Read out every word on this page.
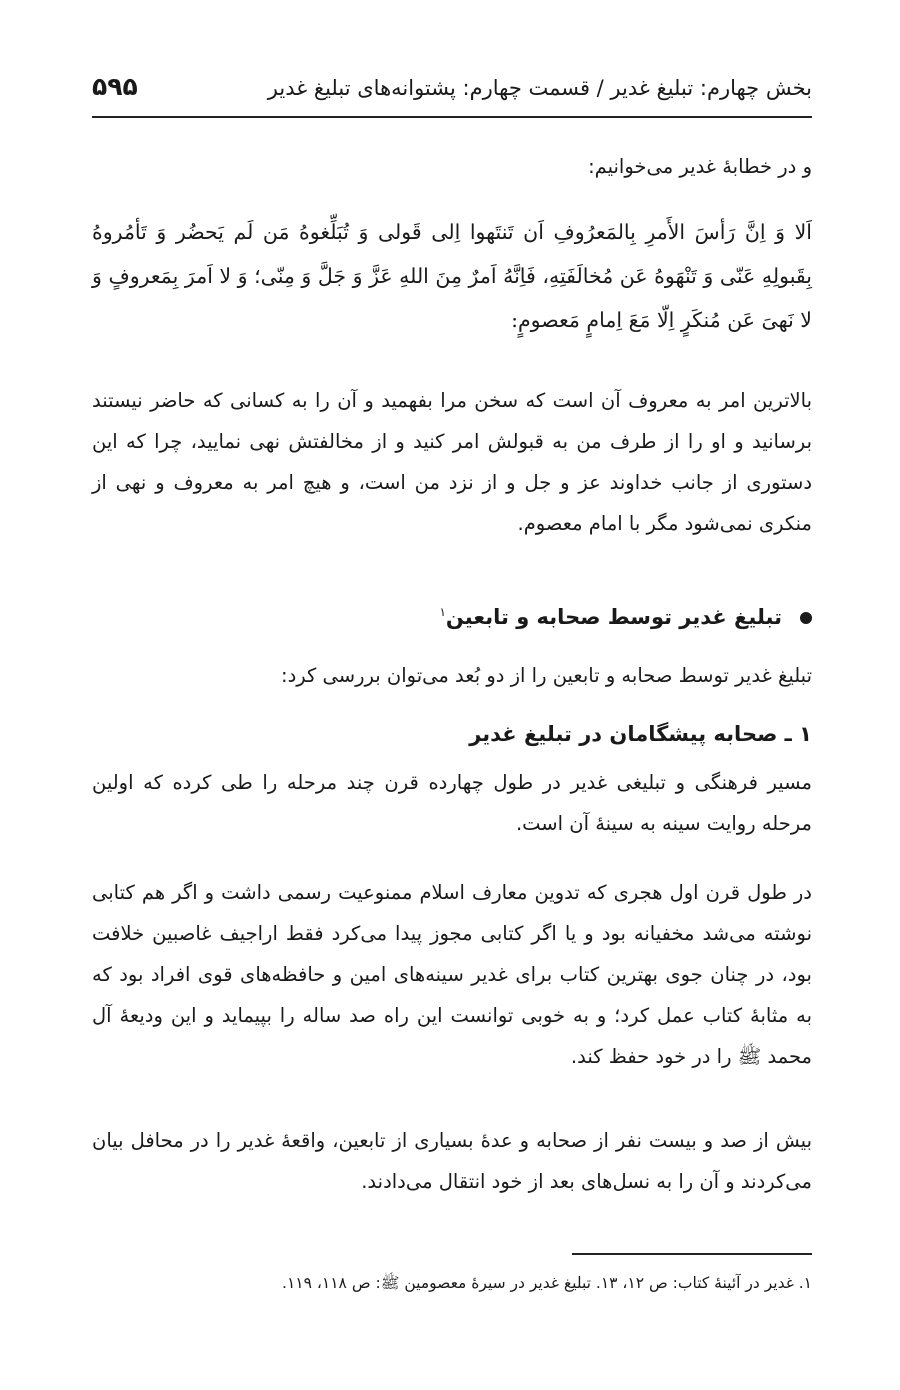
بخش چهارم: تبلیغ غدیر / قسمت چهارم: پشتوانه‌های تبلیغ غدیر
۵۹۵

و در خطابهٔ غدیر می‌خوانیم:

اَلا وَ اِنَّ رَأسَ الأَمرِ بِالمَعرُوفِ اَن تَنتَهوا اِلی قَولی وَ تُبَلِّغوهُ مَن لَم یَحضُر وَ تَأمُروهُ بِقَبولِهِ عَنّی وَ تَنْهَوهُ عَن مُخالَفَتِهِ، فَاِنَّهُ اَمرٌ مِنَ اللهِ عَزَّ وَ جَلَّ وَ مِنّی؛ وَ لا اَمرَ بِمَعروفٍ وَ لا نَهیَ عَن مُنکَرٍ اِلّا مَعَ اِمامٍ مَعصومٍ:

بالاترین امر به معروف آن است که سخن مرا بفهمید و آن را به کسانی که حاضر نیستند برسانید و او را از طرف من به قبولش امر کنید و از مخالفتش نهی نمایید، چرا که این دستوری از جانب خداوند عز و جل و از نزد من است، و هیچ امر به معروف و نهی از منکری نمی‌شود مگر با امام معصوم.

تبلیغ غدیر توسط صحابه و تابعین$^۱$

تبلیغ غدیر توسط صحابه و تابعین را از دو بُعد می‌توان بررسی کرد:

۱ ـ صحابه پیشگامان در تبلیغ غدیر

مسیر فرهنگی و تبلیغی غدیر در طول چهارده قرن چند مرحله را طی کرده که اولین مرحله روایت سینه به سینهٔ آن است.

در طول قرن اول هجری که تدوین معارف اسلام ممنوعیت رسمی داشت و اگر هم کتابی نوشته می‌شد مخفیانه بود و یا اگر کتابی مجوز پیدا می‌کرد فقط اراجیف غاصبین خلافت بود، در چنان جوی بهترین کتاب برای غدیر سینه‌های امین و حافظه‌های قوی افراد بود که به مثابهٔ کتاب عمل کرد؛ و به خوبی توانست این راه صد ساله را بپیماید و این ودیعهٔ آل محمد ﷺ را در خود حفظ کند.

بیش از صد و بیست نفر از صحابه و عدهٔ بسیاری از تابعین، واقعهٔ غدیر را در محافل بیان می‌کردند و آن را به نسل‌های بعد از خود انتقال می‌دادند.

۱. غدیر در آئینهٔ کتاب: ص ۱۲، ۱۳. تبلیغ غدیر در سیرهٔ معصومین ﷺ: ص ۱۱۸، ۱۱۹.
